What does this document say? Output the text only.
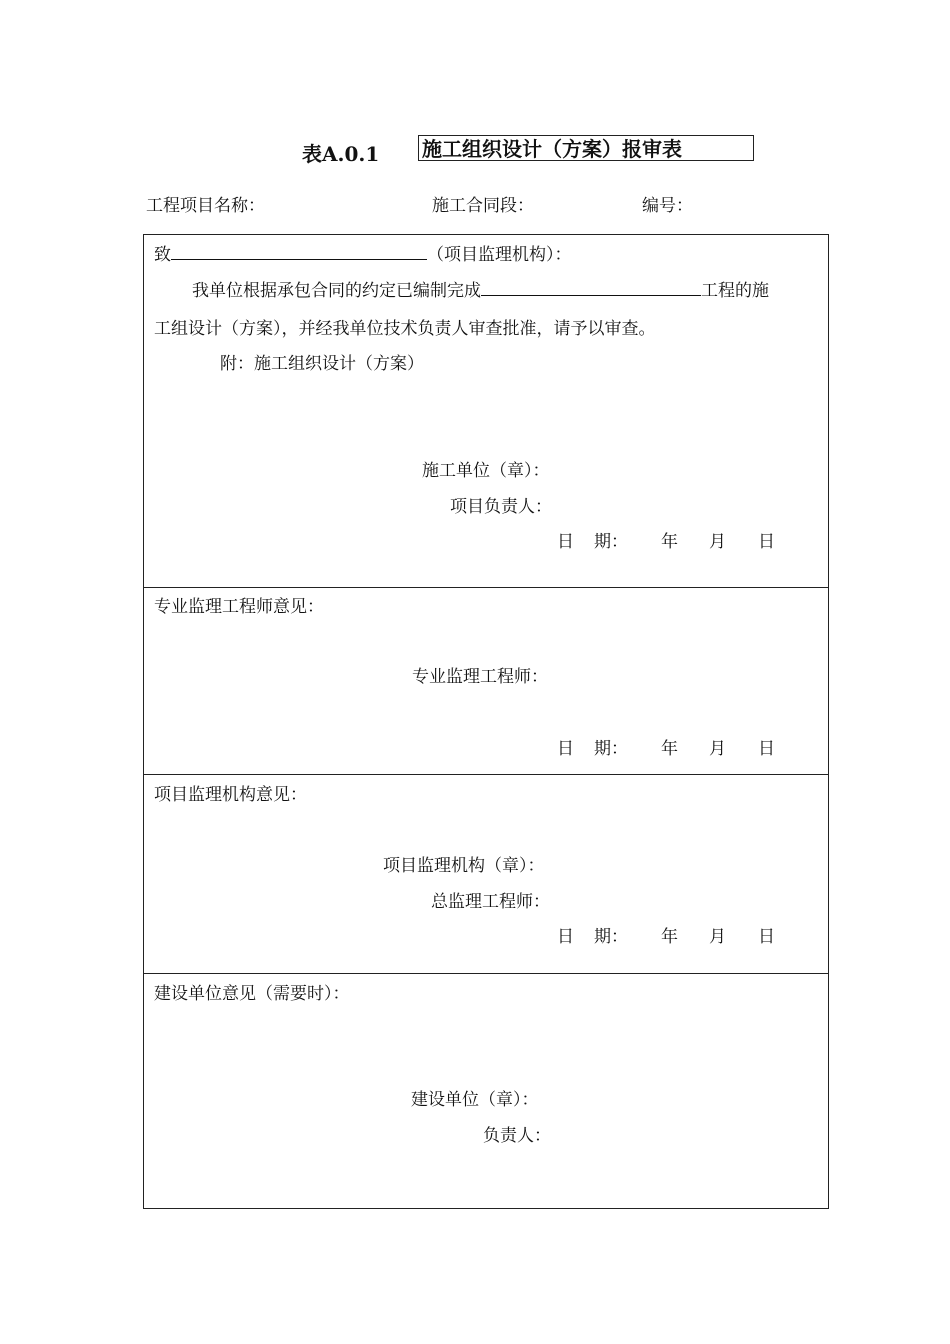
表A.0.1 施工组织设计（方案）报审表
工程项目名称：	施工合同段：	编号：
致	（项目监理机构）：
我单位根据承包合同的约定已编制完成	工程的施
工组设计（方案），并经我单位技术负责人审查批准，请予以审查。
附：施工组织设计（方案）
施工单位（章）：
项目负责人：
日 期： 年 月 日
专业监理工程师意见：
专业监理工程师：
日 期： 年 月 日
项目监理机构意见：
项目监理机构（章）：
总监理工程师：
日 期： 年 月 日
建设单位意见（需要时）：
建设单位（章）：
负责人：
